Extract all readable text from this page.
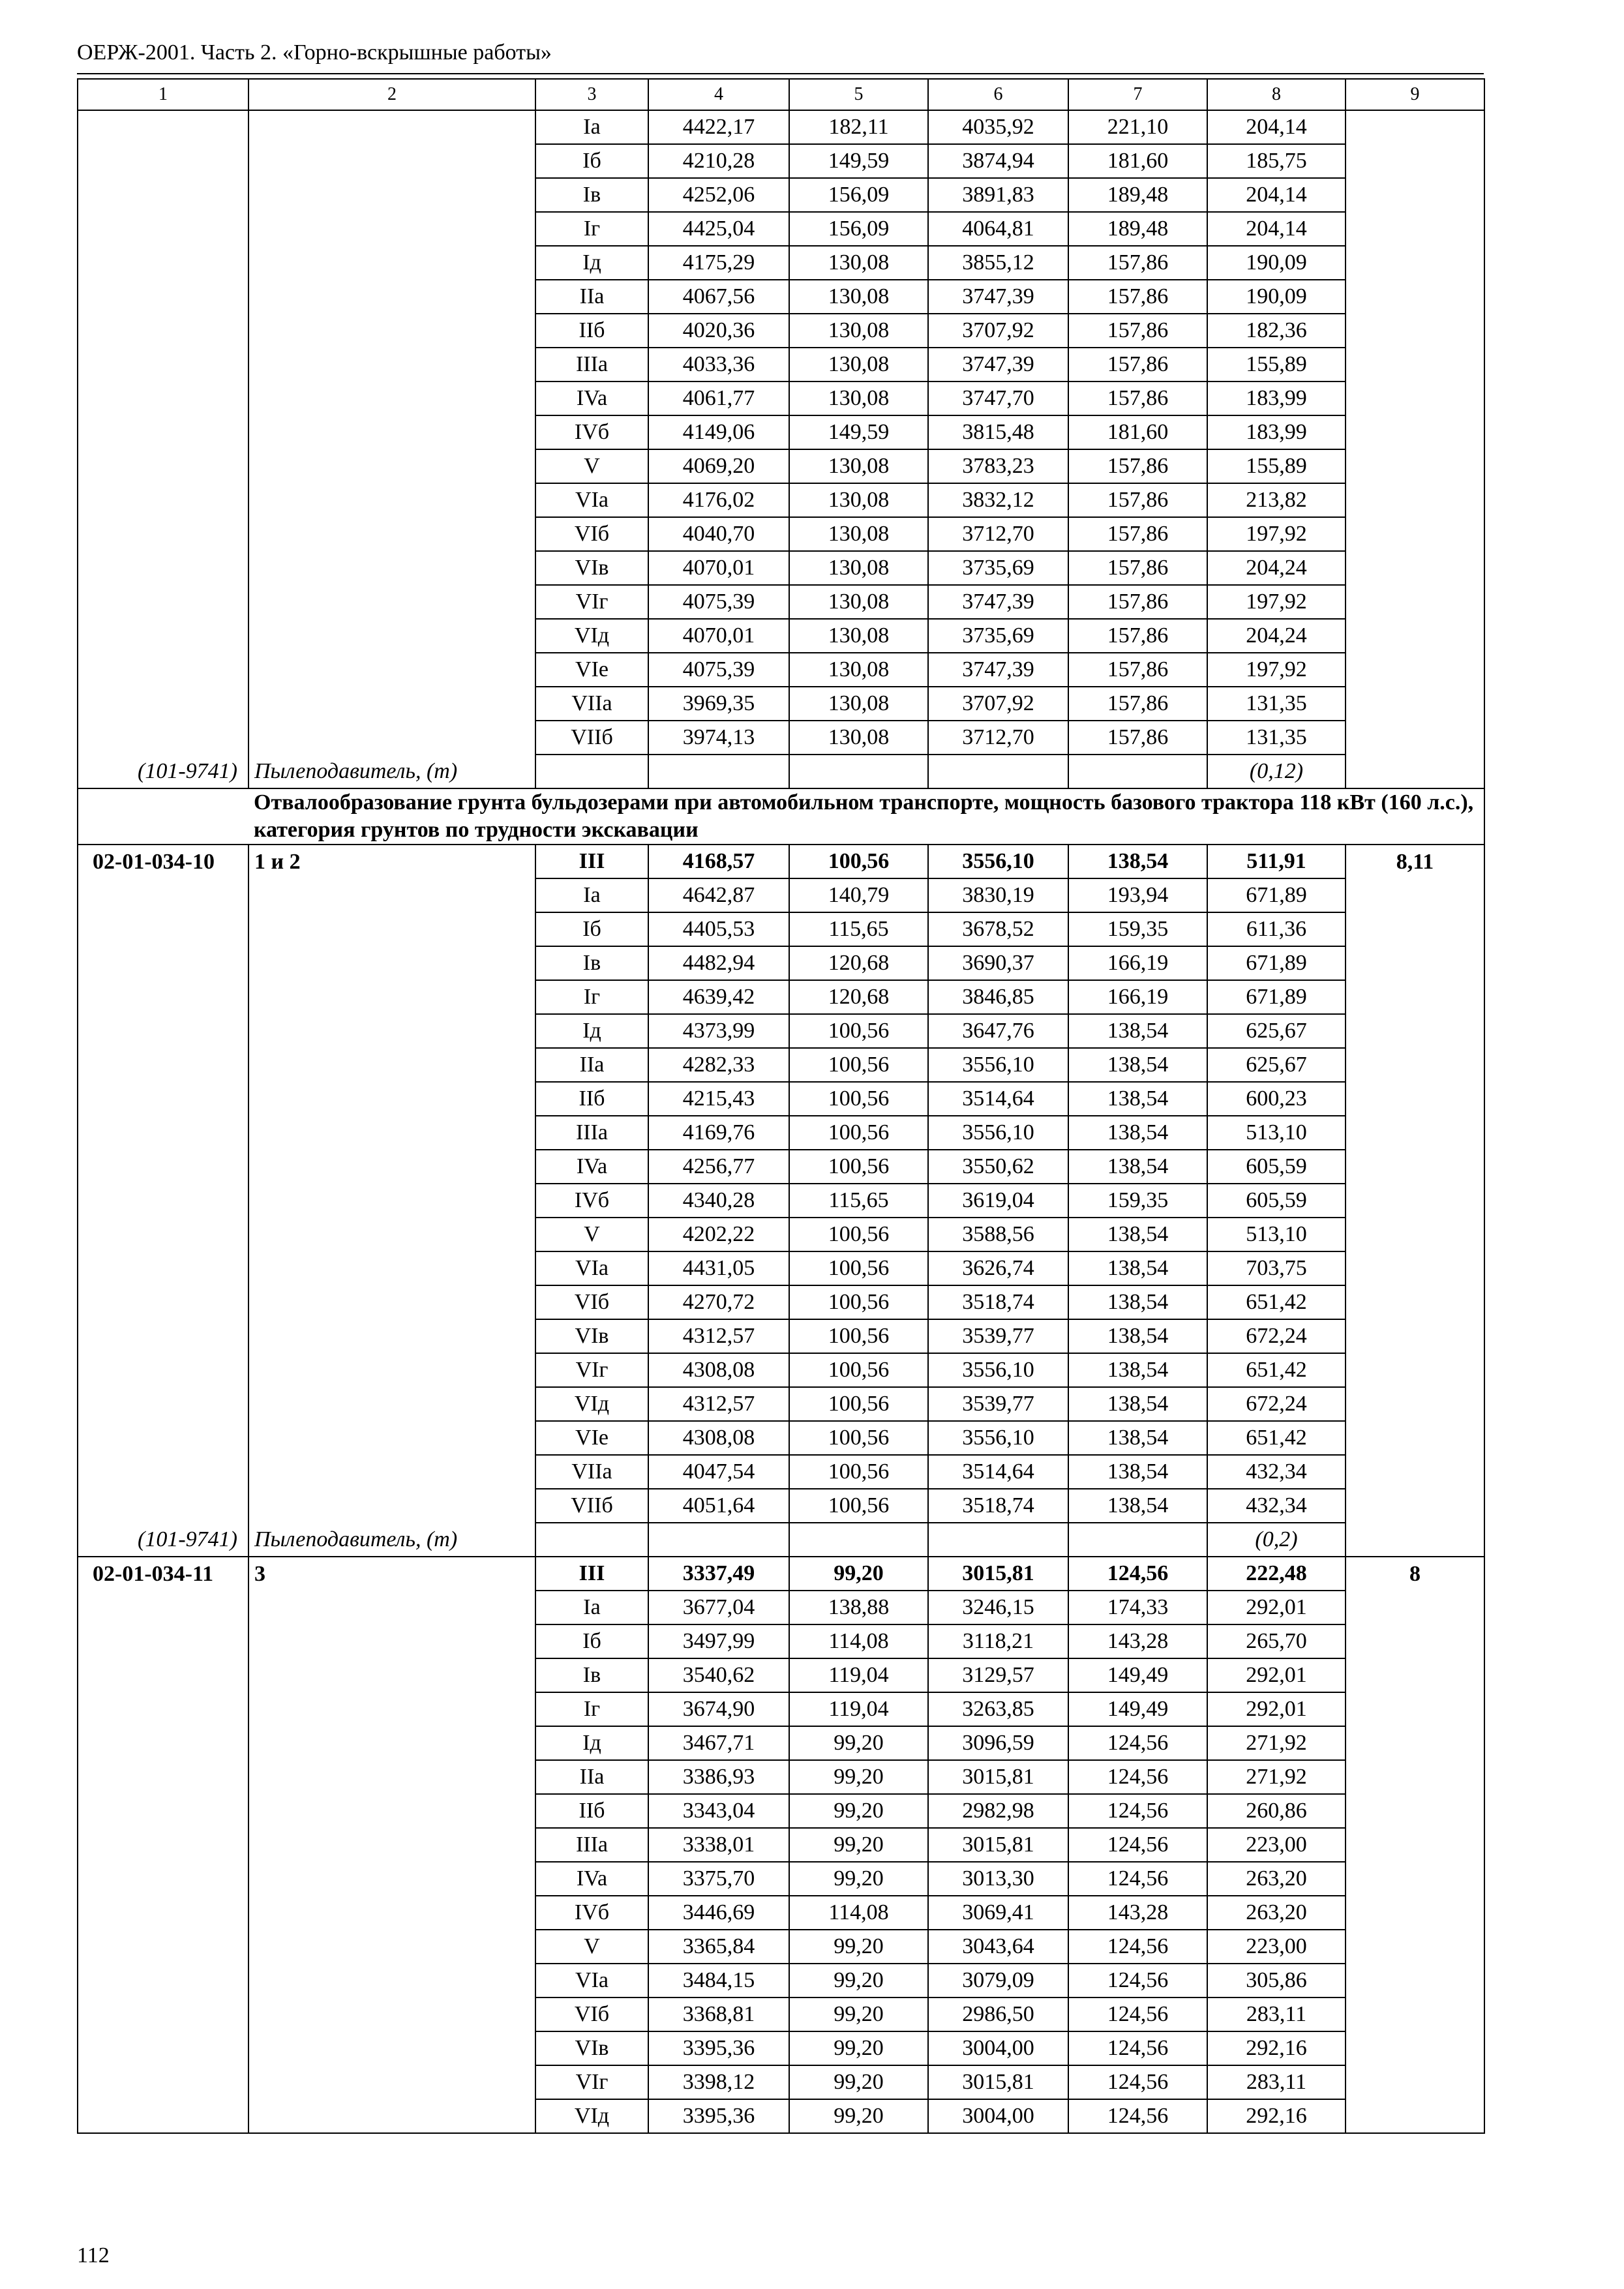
ОЕРЖ-2001. Часть 2. «Горно-вскрышные работы»
1	2	3	4	5	6	7	8	9
		Ia	4422,17	182,11	4035,92	221,10	204,14	
		Iб	4210,28	149,59	3874,94	181,60	185,75	
		Iв	4252,06	156,09	3891,83	189,48	204,14	
		Iг	4425,04	156,09	4064,81	189,48	204,14	
		Iд	4175,29	130,08	3855,12	157,86	190,09	
		IIa	4067,56	130,08	3747,39	157,86	190,09	
		IIб	4020,36	130,08	3707,92	157,86	182,36	
		IIIa	4033,36	130,08	3747,39	157,86	155,89	
		IVa	4061,77	130,08	3747,70	157,86	183,99	
		IVб	4149,06	149,59	3815,48	181,60	183,99	
		V	4069,20	130,08	3783,23	157,86	155,89	
		VIa	4176,02	130,08	3832,12	157,86	213,82	
		VIб	4040,70	130,08	3712,70	157,86	197,92	
		VIв	4070,01	130,08	3735,69	157,86	204,24	
		VIг	4075,39	130,08	3747,39	157,86	197,92	
		VIд	4070,01	130,08	3735,69	157,86	204,24	
		VIe	4075,39	130,08	3747,39	157,86	197,92	
		VIIa	3969,35	130,08	3707,92	157,86	131,35	
		VIIб	3974,13	130,08	3712,70	157,86	131,35	
(101-9741)	Пылеподавитель, (т)						(0,12)	
	Отвалообразование грунта бульдозерами при автомобильном транспорте, мощность базового трактора 118 кВт (160 л.с.), категория грунтов по трудности экскавации							
02-01-034-10	1 и 2	III	4168,57	100,56	3556,10	138,54	511,91	8,11
		Ia	4642,87	140,79	3830,19	193,94	671,89	
		Iб	4405,53	115,65	3678,52	159,35	611,36	
		Iв	4482,94	120,68	3690,37	166,19	671,89	
		Iг	4639,42	120,68	3846,85	166,19	671,89	
		Iд	4373,99	100,56	3647,76	138,54	625,67	
		IIa	4282,33	100,56	3556,10	138,54	625,67	
		IIб	4215,43	100,56	3514,64	138,54	600,23	
		IIIa	4169,76	100,56	3556,10	138,54	513,10	
		IVa	4256,77	100,56	3550,62	138,54	605,59	
		IVб	4340,28	115,65	3619,04	159,35	605,59	
		V	4202,22	100,56	3588,56	138,54	513,10	
		VIa	4431,05	100,56	3626,74	138,54	703,75	
		VIб	4270,72	100,56	3518,74	138,54	651,42	
		VIв	4312,57	100,56	3539,77	138,54	672,24	
		VIг	4308,08	100,56	3556,10	138,54	651,42	
		VIд	4312,57	100,56	3539,77	138,54	672,24	
		VIe	4308,08	100,56	3556,10	138,54	651,42	
		VIIa	4047,54	100,56	3514,64	138,54	432,34	
		VIIб	4051,64	100,56	3518,74	138,54	432,34	
(101-9741)	Пылеподавитель, (т)						(0,2)	
02-01-034-11	3	III	3337,49	99,20	3015,81	124,56	222,48	8
		Ia	3677,04	138,88	3246,15	174,33	292,01	
		Iб	3497,99	114,08	3118,21	143,28	265,70	
		Iв	3540,62	119,04	3129,57	149,49	292,01	
		Iг	3674,90	119,04	3263,85	149,49	292,01	
		Iд	3467,71	99,20	3096,59	124,56	271,92	
		IIa	3386,93	99,20	3015,81	124,56	271,92	
		IIб	3343,04	99,20	2982,98	124,56	260,86	
		IIIa	3338,01	99,20	3015,81	124,56	223,00	
		IVa	3375,70	99,20	3013,30	124,56	263,20	
		IVб	3446,69	114,08	3069,41	143,28	263,20	
		V	3365,84	99,20	3043,64	124,56	223,00	
		VIa	3484,15	99,20	3079,09	124,56	305,86	
		VIб	3368,81	99,20	2986,50	124,56	283,11	
		VIв	3395,36	99,20	3004,00	124,56	292,16	
		VIг	3398,12	99,20	3015,81	124,56	283,11	
		VIд	3395,36	99,20	3004,00	124,56	292,16	
112
